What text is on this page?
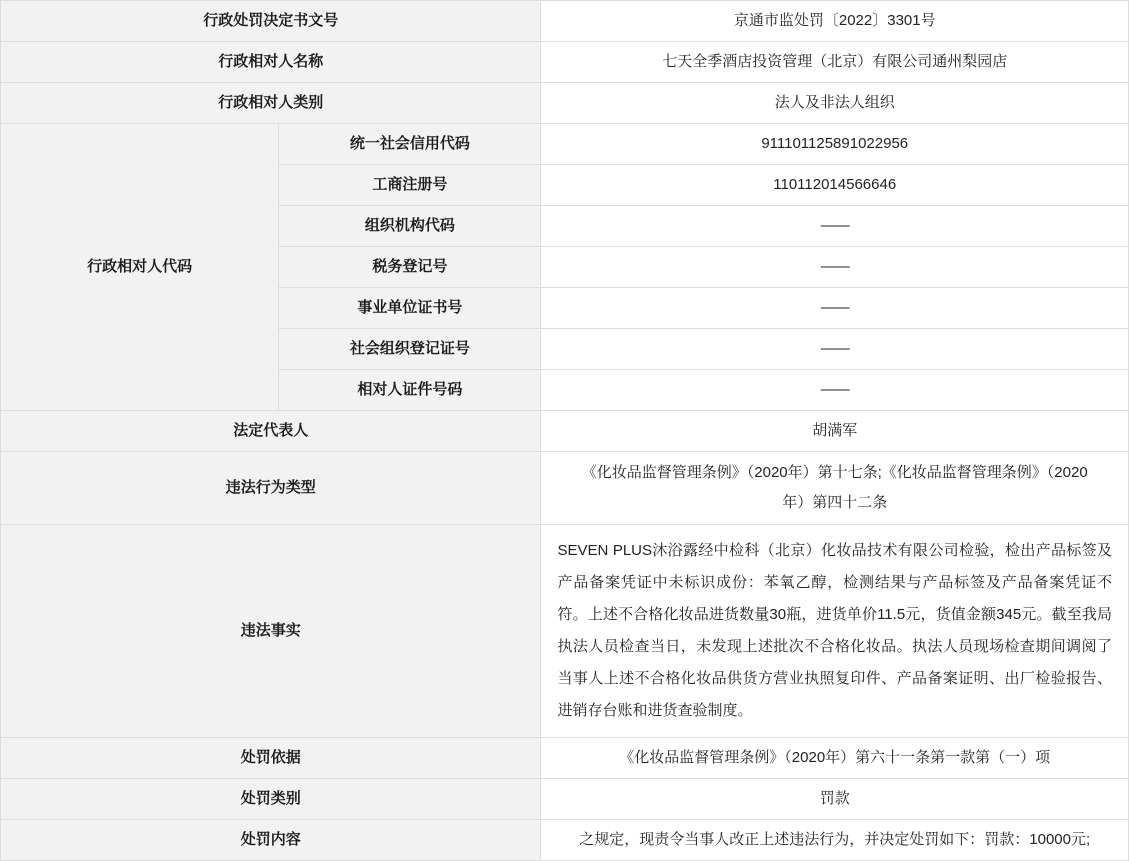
行政处罚决定书文号		京通市监处罚〔2022〕3301号
行政相对人名称		七天全季酒店投资管理（北京）有限公司通州梨园店
行政相对人类别		法人及非法人组织
行政相对人代码	统一社会信用代码	911101125891022956
	工商注册号	110112014566646
	组织机构代码	——
	税务登记号	——
	事业单位证书号	——
	社会组织登记证号	——
	相对人证件号码	——
法定代表人		胡满军
违法行为类型		《化妆品监督管理条例》（2020年）第十七条;《化妆品监督管理条例》（2020年）第四十二条
违法事实		SEVEN PLUS沐浴露经中检科（北京）化妆品技术有限公司检验，检出产品标签及产品备案凭证中未标识成份：苯氧乙醇，检测结果与产品标签及产品备案凭证不符。上述不合格化妆品进货数量30瓶，进货单价11.5元，货值金额345元。截至我局执法人员检查当日，未发现上述批次不合格化妆品。执法人员现场检查期间调阅了当事人上述不合格化妆品供货方营业执照复印件、产品备案证明、出厂检验报告、进销存台账和进货查验制度。
处罚依据		《化妆品监督管理条例》（2020年）第六十一条第一款第（一）项
处罚类别		罚款
处罚内容		之规定，现责令当事人改正上述违法行为，并决定处罚如下：罚款：10000元;
